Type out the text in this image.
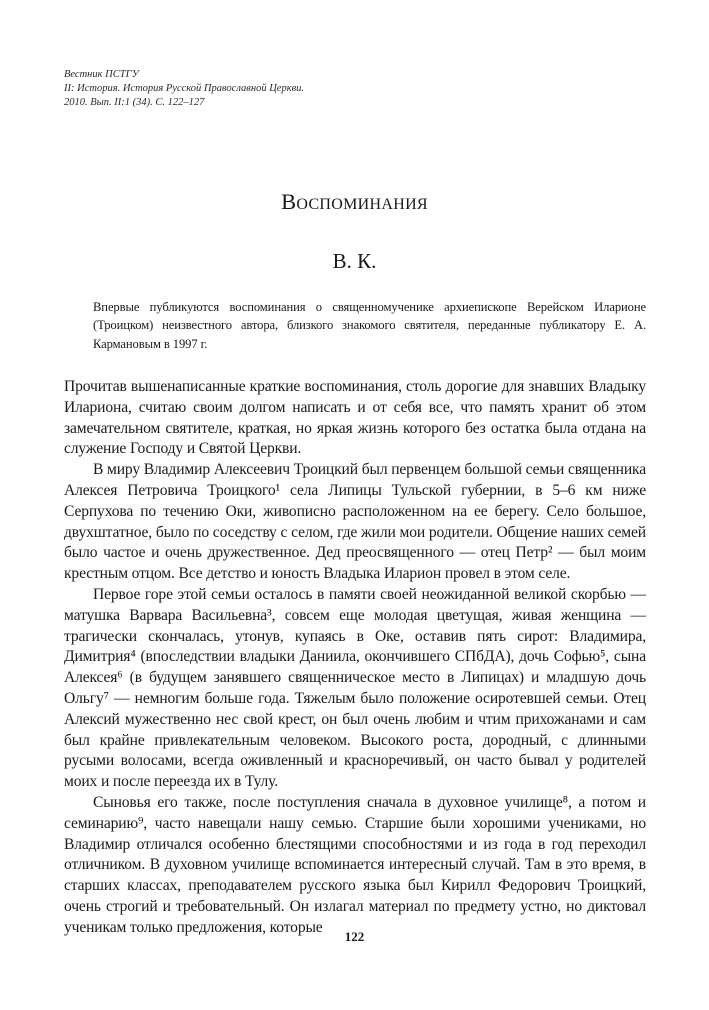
Вестник ПСТГУ
II: История. История Русской Православной Церкви.
2010. Вып. II:1 (34). С. 122–127
Воспоминания
В. К.
Впервые публикуются воспоминания о священномученике архиепископе Верейском Иларионе (Троицком) неизвестного автора, близкого знакомого святителя, переданные публикатору Е. А. Кармановым в 1997 г.

Прочитав вышенаписанные краткие воспоминания, столь дорогие для знавших Владыку Илариона, считаю своим долгом написать и от себя все, что память хранит об этом замечательном святителе, краткая, но яркая жизнь которого без остатка была отдана на служение Господу и Святой Церкви.

В миру Владимир Алексеевич Троицкий был первенцем большой семьи священника Алексея Петровича Троицкого¹ села Липицы Тульской губернии, в 5–6 км ниже Серпухова по течению Оки, живописно расположенном на ее берегу. Село большое, двухштатное, было по соседству с селом, где жили мои родители. Общение наших семей было частое и очень дружественное. Дед преосвященного — отец Петр² — был моим крестным отцом. Все детство и юность Владыка Иларион провел в этом селе.

Первое горе этой семьи осталось в памяти своей неожиданной великой скорбью — матушка Варвара Васильевна³, совсем еще молодая цветущая, живая женщина — трагически скончалась, утонув, купаясь в Оке, оставив пять сирот: Владимира, Димитрия⁴ (впоследствии владыки Даниила, окончившего СПбДА), дочь Софью⁵, сына Алексея⁶ (в будущем занявшего священническое место в Липицах) и младшую дочь Ольгу⁷ — немногим больше года. Тяжелым было положение осиротевшей семьи. Отец Алексий мужественно нес свой крест, он был очень любим и чтим прихожанами и сам был крайне привлекательным человеком. Высокого роста, дородный, с длинными русыми волосами, всегда оживленный и красноречивый, он часто бывал у родителей моих и после переезда их в Тулу.

Сыновья его также, после поступления сначала в духовное училище⁸, а потом и семинарию⁹, часто навещали нашу семью. Старшие были хорошими учениками, но Владимир отличался особенно блестящими способностями и из года в год переходил отличником. В духовном училище вспоминается интересный случай. Там в это время, в старших классах, преподавателем русского языка был Кирилл Федорович Троицкий, очень строгий и требовательный. Он излагал материал по предмету устно, но диктовал ученикам только предложения, которые

122
